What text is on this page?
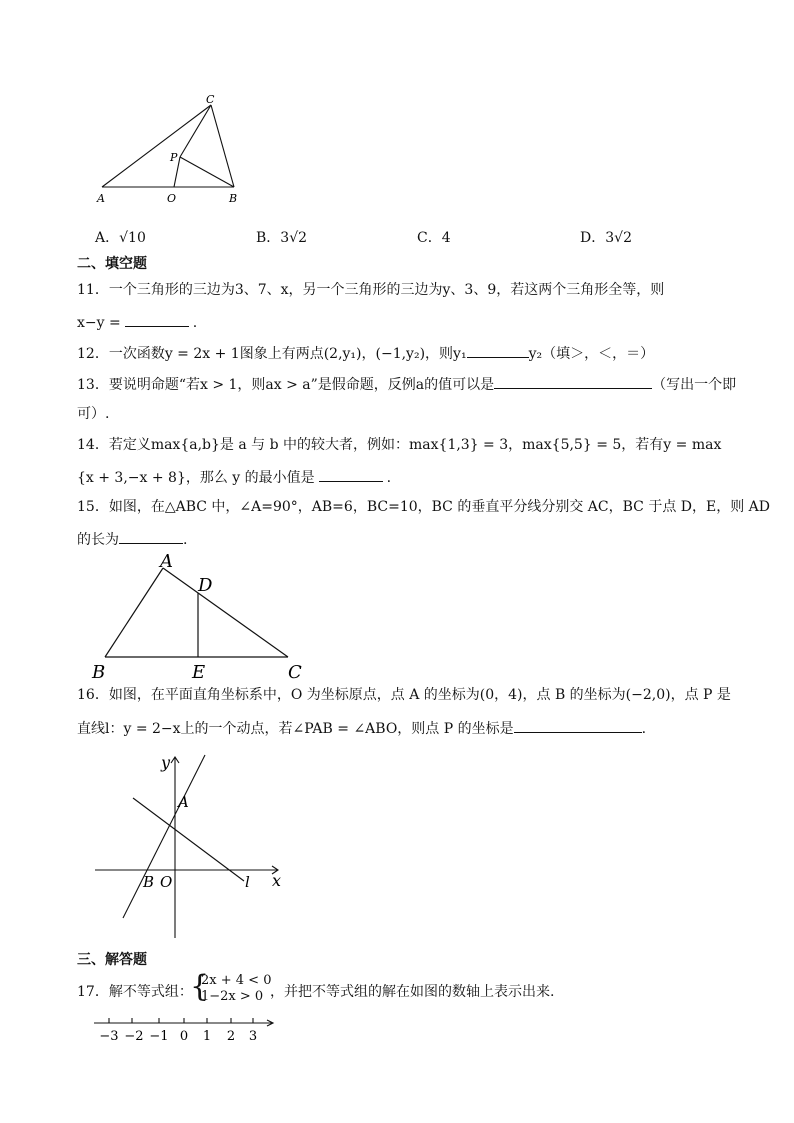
C
P
A	O	B
A．√10	B．3√2	C．4	D．3√2
二、填空题
11．一个三角形的三边为3、7、x，另一个三角形的三边为y、3、9，若这两个三角形全等，则
x−y =	.
12．一次函数y = 2x + 1图象上有两点(2,y₁)，(−1,y₂)，则y₁	y₂（填＞，＜，＝）
13．要说明命题“若x > 1，则ax > a”是假命题，反例a的值可以是	（写出一个即
可）.
14．若定义max{a,b}是 a 与 b 中的较大者，例如：max{1,3} = 3，max{5,5} = 5，若有y = max
{x + 3,−x + 8}，那么 y 的最小值是	.
15．如图，在△ABC 中，∠A=90°，AB=6，BC=10，BC 的垂直平分线分别交 AC，BC 于点 D，E，则 AD
的长为	.
A
D
B	E	C
16．如图，在平面直角坐标系中，O 为坐标原点，点 A 的坐标为(0，4)，点 B 的坐标为(−2,0)，点 P 是
直线l：y = 2−x上的一个动点，若∠PAB = ∠ABO，则点 P 的坐标是	.
y
A
B O	x
l
三、解答题
17．解不等式组：
{
2x + 4 < 0
1−2x > 0 ，并把不等式组的解在如图的数轴上表示出来.
−3 −2 −1 0 1 2 3
